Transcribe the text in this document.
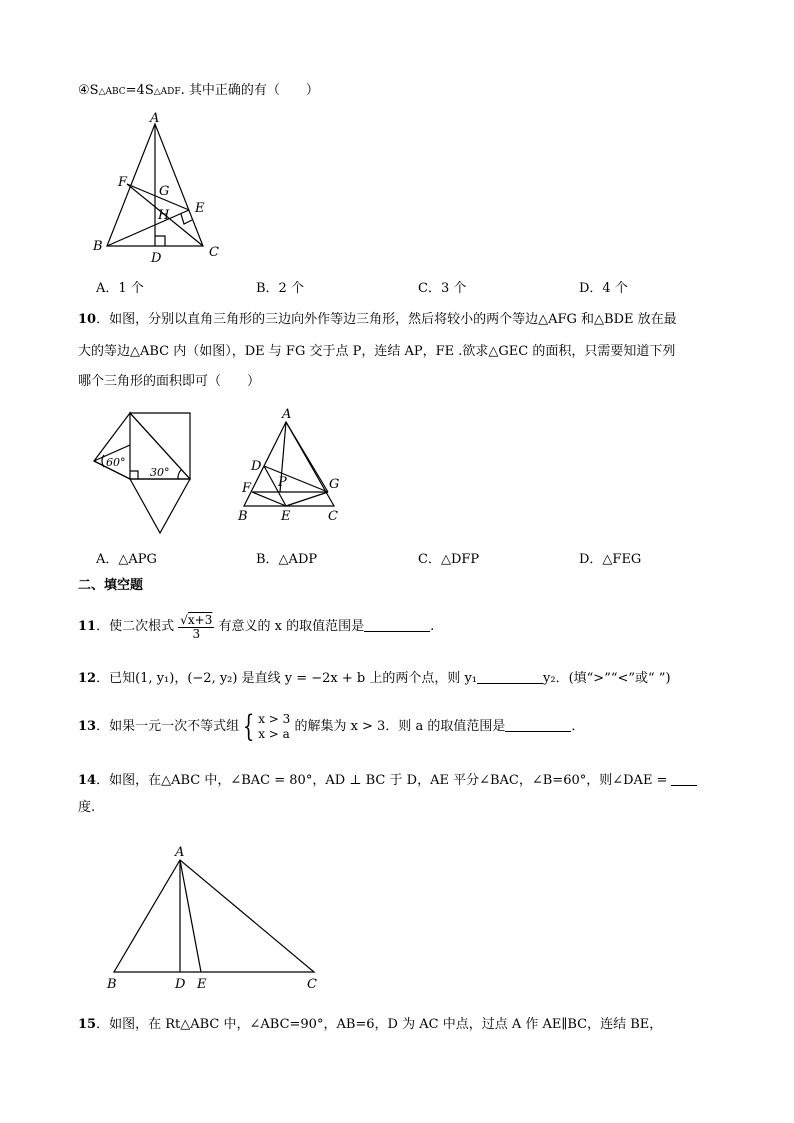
④S△ABC=4S△ADF. 其中正确的有（　　）
A
B	C
D
E
F
G
H
A．1 个	B．2 个	C．3 个	D．4 个
10．如图，分别以直角三角形的三边向外作等边三角形，然后将较小的两个等边△AFG 和△BDE 放在最
大的等边△ABC 内（如图），DE 与 FG 交于点 P，连结 AP，FE .欲求△GEC 的面积，只需要知道下列
哪个三角形的面积即可（　　）
60°
30°
A
B	C
D
E
F	G
P
A．△APG	B．△ADP	C．△DFP	D．△FEG
二、填空题
11．使二次根式 $\frac{√x+3}{3}$ 有意义的 x 的取值范围是	.
12．已知(1, y₁)，(−2, y₂) 是直线 y = −2x + b 上的两个点，则 y₁	y₂．(填“>”“<”或“ ”)
13．如果一元一次不等式组 { x > 3
x > a 的解集为 x > 3．则 a 的取值范围是	．
14．如图，在△ABC 中，∠BAC = 80°，AD ⊥ BC 于 D，AE 平分∠BAC，∠B=60°，则∠DAE =
度.
A
B	C
D E
15．如图，在 Rt△ABC 中，∠ABC=90°，AB=6，D 为 AC 中点，过点 A 作 AE∥BC，连结 BE，
